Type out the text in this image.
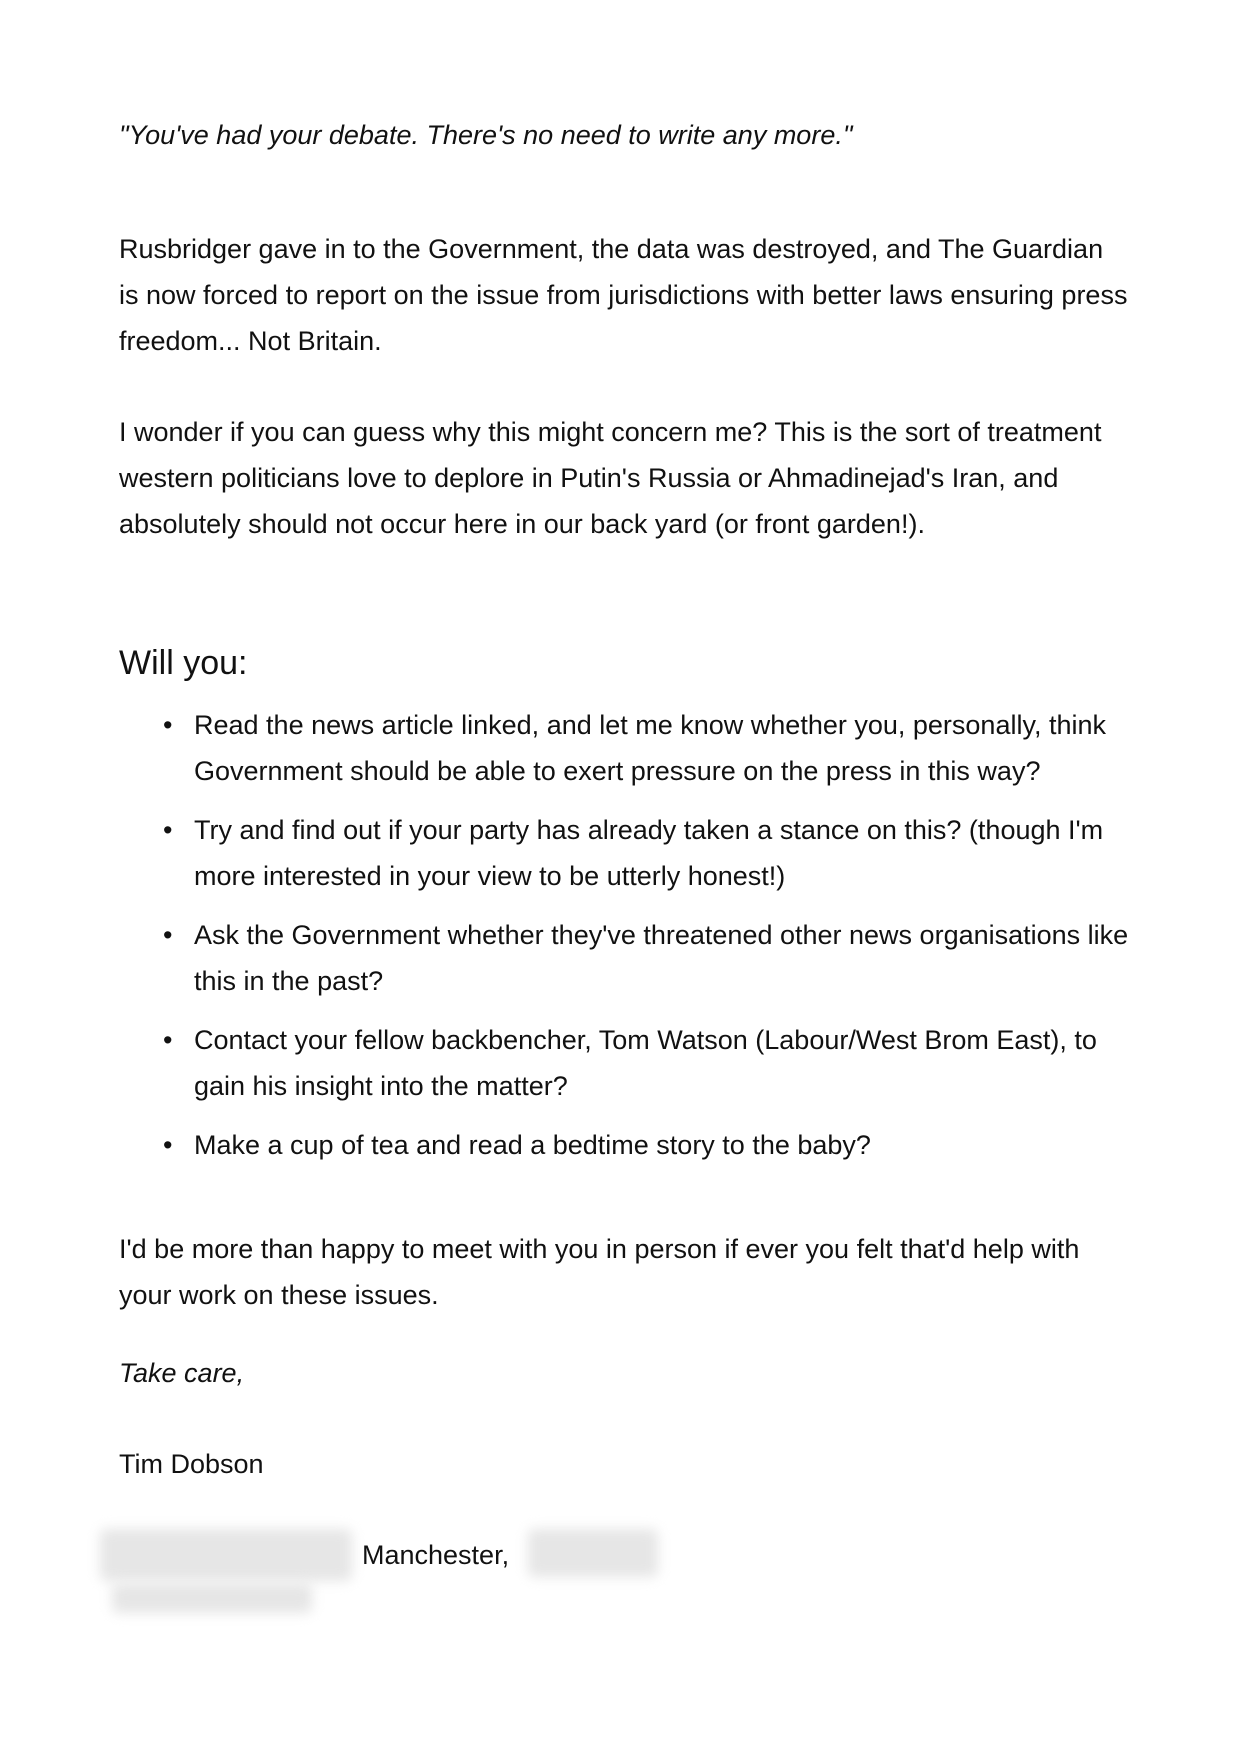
"You've had your debate. There's no need to write any more."

Rusbridger gave in to the Government, the data was destroyed, and The Guardian is now forced to report on the issue from jurisdictions with better laws ensuring press freedom... Not Britain.

I wonder if you can guess why this might concern me? This is the sort of treatment western politicians love to deplore in Putin's Russia or Ahmadinejad's Iran, and absolutely should not occur here in our back yard (or front garden!).

Will you:
• Read the news article linked, and let me know whether you, personally, think Government should be able to exert pressure on the press in this way?
• Try and find out if your party has already taken a stance on this? (though I'm more interested in your view to be utterly honest!)
• Ask the Government whether they've threatened other news organisations like this in the past?
• Contact your fellow backbencher, Tom Watson (Labour/West Brom East), to gain his insight into the matter?
• Make a cup of tea and read a bedtime story to the baby?

I'd be more than happy to meet with you in person if ever you felt that'd help with your work on these issues.

Take care,

Tim Dobson

Manchester,
